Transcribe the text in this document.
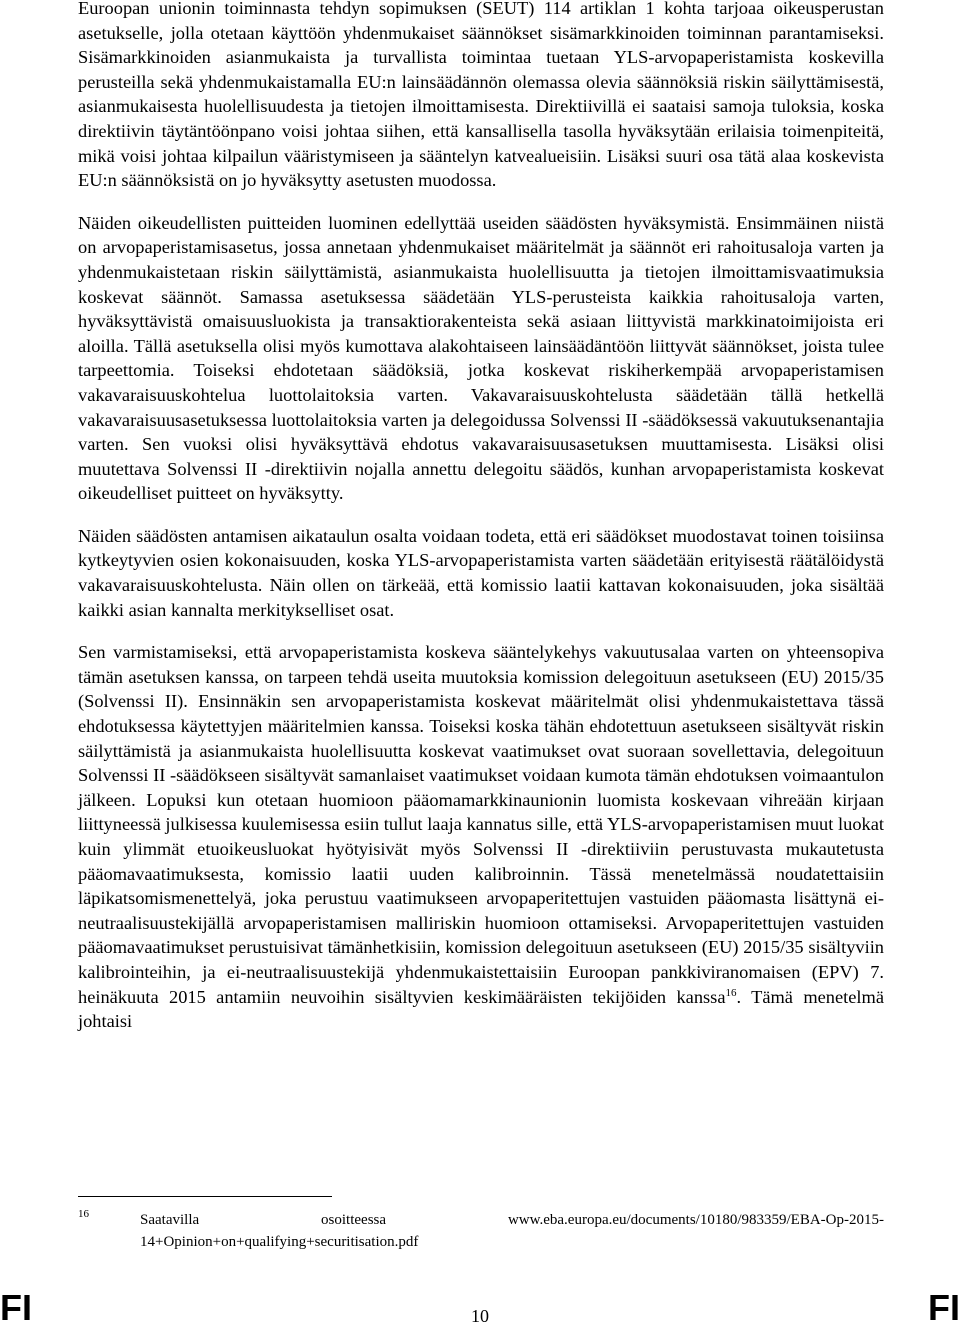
Euroopan unionin toiminnasta tehdyn sopimuksen (SEUT) 114 artiklan 1 kohta tarjoaa oikeusperustan asetukselle, jolla otetaan käyttöön yhdenmukaiset säännökset sisämarkkinoiden toiminnan parantamiseksi. Sisämarkkinoiden asianmukaista ja turvallista toimintaa tuetaan YLS-arvopaperistamista koskevilla perusteilla sekä yhdenmukaistamalla EU:n lainsäädännön olemassa olevia säännöksiä riskin säilyttämisestä, asianmukaisesta huolellisuudesta ja tietojen ilmoittamisesta. Direktiivillä ei saataisi samoja tuloksia, koska direktiivin täytäntöönpano voisi johtaa siihen, että kansallisella tasolla hyväksytään erilaisia toimenpiteitä, mikä voisi johtaa kilpailun vääristymiseen ja sääntelyn katvealueisiin. Lisäksi suuri osa tätä alaa koskevista EU:n säännöksistä on jo hyväksytty asetusten muodossa.

Näiden oikeudellisten puitteiden luominen edellyttää useiden säädösten hyväksymistä. Ensimmäinen niistä on arvopaperistamisasetus, jossa annetaan yhdenmukaiset määritelmät ja säännöt eri rahoitusaloja varten ja yhdenmukaistetaan riskin säilyttämistä, asianmukaista huolellisuutta ja tietojen ilmoittamisvaatimuksia koskevat säännöt. Samassa asetuksessa säädetään YLS-perusteista kaikkia rahoitusaloja varten, hyväksyttävistä omaisuusluokista ja transaktiorakenteista sekä asiaan liittyvistä markkinatoimijoista eri aloilla. Tällä asetuksella olisi myös kumottava alakohtaiseen lainsäädäntöön liittyvät säännökset, joista tulee tarpeettomia. Toiseksi ehdotetaan säädöksiä, jotka koskevat riskiherkempää arvopaperistamisen vakavaraisuuskohtelua luottolaitoksia varten. Vakavaraisuuskohtelusta säädetään tällä hetkellä vakavaraisuusasetuksessa luottolaitoksia varten ja delegoidussa Solvenssi II -säädöksessä vakuutuksenantajia varten. Sen vuoksi olisi hyväksyttävä ehdotus vakavaraisuusasetuksen muuttamisesta. Lisäksi olisi muutettava Solvenssi II -direktiivin nojalla annettu delegoitu säädös, kunhan arvopaperistamista koskevat oikeudelliset puitteet on hyväksytty.

Näiden säädösten antamisen aikataulun osalta voidaan todeta, että eri säädökset muodostavat toinen toisiinsa kytkeytyvien osien kokonaisuuden, koska YLS-arvopaperistamista varten säädetään erityisestä räätälöidystä vakavaraisuuskohtelusta. Näin ollen on tärkeää, että komissio laatii kattavan kokonaisuuden, joka sisältää kaikki asian kannalta merkitykselliset osat.

Sen varmistamiseksi, että arvopaperistamista koskeva sääntelykehys vakuutusalaa varten on yhteensopiva tämän asetuksen kanssa, on tarpeen tehdä useita muutoksia komission delegoituun asetukseen (EU) 2015/35 (Solvenssi II). Ensinnäkin sen arvopaperistamista koskevat määritelmät olisi yhdenmukaistettava tässä ehdotuksessa käytettyjen määritelmien kanssa. Toiseksi koska tähän ehdotettuun asetukseen sisältyvät riskin säilyttämistä ja asianmukaista huolellisuutta koskevat vaatimukset ovat suoraan sovellettavia, delegoituun Solvenssi II -säädökseen sisältyvät samanlaiset vaatimukset voidaan kumota tämän ehdotuksen voimaantulon jälkeen. Lopuksi kun otetaan huomioon pääomamarkkinaunionin luomista koskevaan vihreään kirjaan liittyneessä julkisessa kuulemisessa esiin tullut laaja kannatus sille, että YLS-arvopaperistamisen muut luokat kuin ylimmät etuoikeusluokat hyötyisivät myös Solvenssi II -direktiiviin perustuvasta mukautetusta pääomavaatimuksesta, komissio laatii uuden kalibroinnin. Tässä menetelmässä noudatettaisiin läpikatsomismenettelyä, joka perustuu vaatimukseen arvopaperitettujen vastuiden pääomasta lisättynä ei-neutraalisuustekijällä arvopaperistamisen malliriskin huomioon ottamiseksi. Arvopaperitettujen vastuiden pääomavaatimukset perustuisivat tämänhetkisiin, komission delegoituun asetukseen (EU) 2015/35 sisältyviin kalibrointeihin, ja ei-neutraalisuustekijä yhdenmukaistettaisiin Euroopan pankkiviranomaisen (EPV) 7. heinäkuuta 2015 antamiin neuvoihin sisältyvien keskimääräisten tekijöiden kanssa$^{16}$. Tämä menetelmä johtaisi

16	Saatavilla osoitteessa www.eba.europa.eu/documents/10180/983359/EBA-Op-2015-
14+Opinion+on+qualifying+securitisation.pdf
FI	10	FI
